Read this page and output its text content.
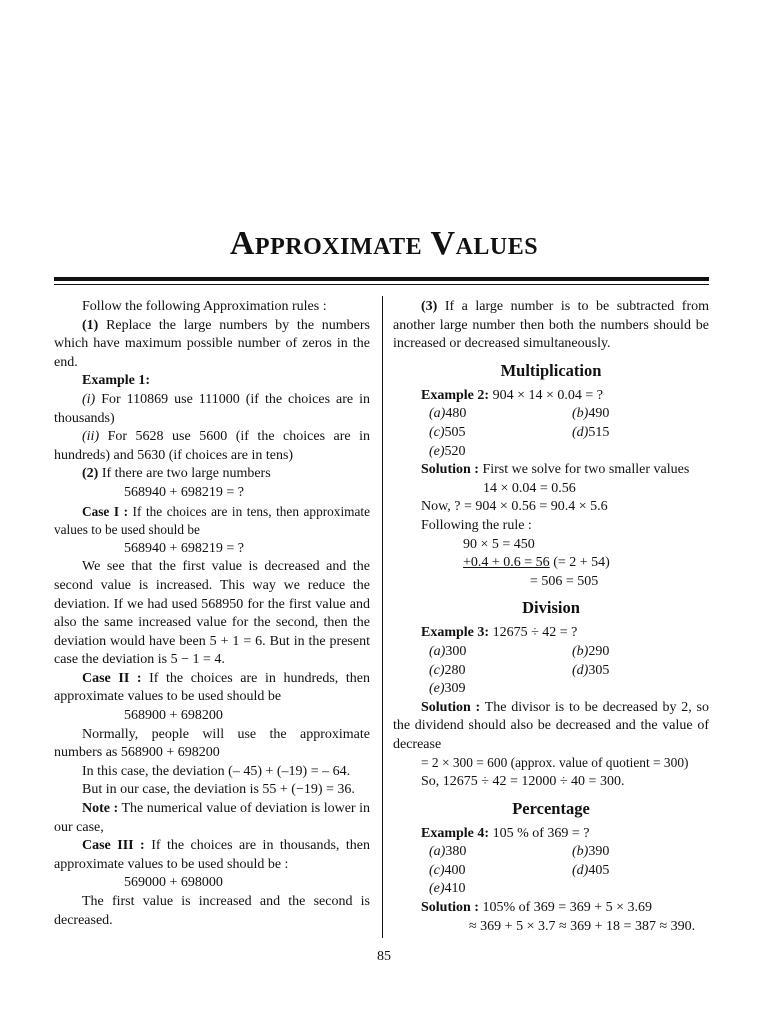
Approximate Values

Follow the following Approximation rules :

(1) Replace the large numbers by the numbers which have maximum possible number of zeros in the end.

Example 1:

(i) For 110869 use 111000 (if the choices are in thousands)

(ii) For 5628 use 5600 (if the choices are in hundreds) and 5630 (if choices are in tens)

(2) If there are two large numbers

568940 + 698219 = ?

Case I : If the choices are in tens, then approximate values to be used should be

568940 + 698219 = ?

We see that the first value is decreased and the second value is increased. This way we reduce the deviation. If we had used 568950 for the first value and also the same increased value for the second, then the deviation would have been 5 + 1 = 6. But in the present case the deviation is 5 − 1 = 4.

Case II : If the choices are in hundreds, then approximate values to be used should be

568900 + 698200

Normally, people will use the approximate numbers as 568900 + 698200

In this case, the deviation (– 45) + (–19) = – 64.

But in our case, the deviation is 55 + (−19) = 36.

Note : The numerical value of deviation is lower in our case,

Case III : If the choices are in thousands, then approximate values to be used should be :

569000 + 698000

The first value is increased and the second is decreased.

(3) If a large number is to be subtracted from another large number then both the numbers should be increased or decreased simultaneously.

Multiplication

Example 2: 904 × 14 × 0.04 = ?

(a)480	(b)490
(c)505	(d)515
(e)520

Solution : First we solve for two smaller values

14 × 0.04 = 0.56

Now, ? = 904 × 0.56 = 90.4 × 5.6

Following the rule :

90 × 5 = 450

+0.4 + 0.6 = 56 (= 2 + 54)

= 506 = 505

Division

Example 3: 12675 ÷ 42 = ?

(a)300	(b)290
(c)280	(d)305
(e)309

Solution : The divisor is to be decreased by 2, so the dividend should also be decreased and the value of decrease

= 2 × 300 = 600 (approx. value of quotient = 300)

So, 12675 ÷ 42 = 12000 ÷ 40 = 300.

Percentage

Example 4: 105 % of 369 = ?

(a)380	(b)390
(c)400	(d)405
(e)410

Solution : 105% of 369 = 369 + 5 × 3.69

≈ 369 + 5 × 3.7 ≈ 369 + 18 = 387 ≈ 390.

85
